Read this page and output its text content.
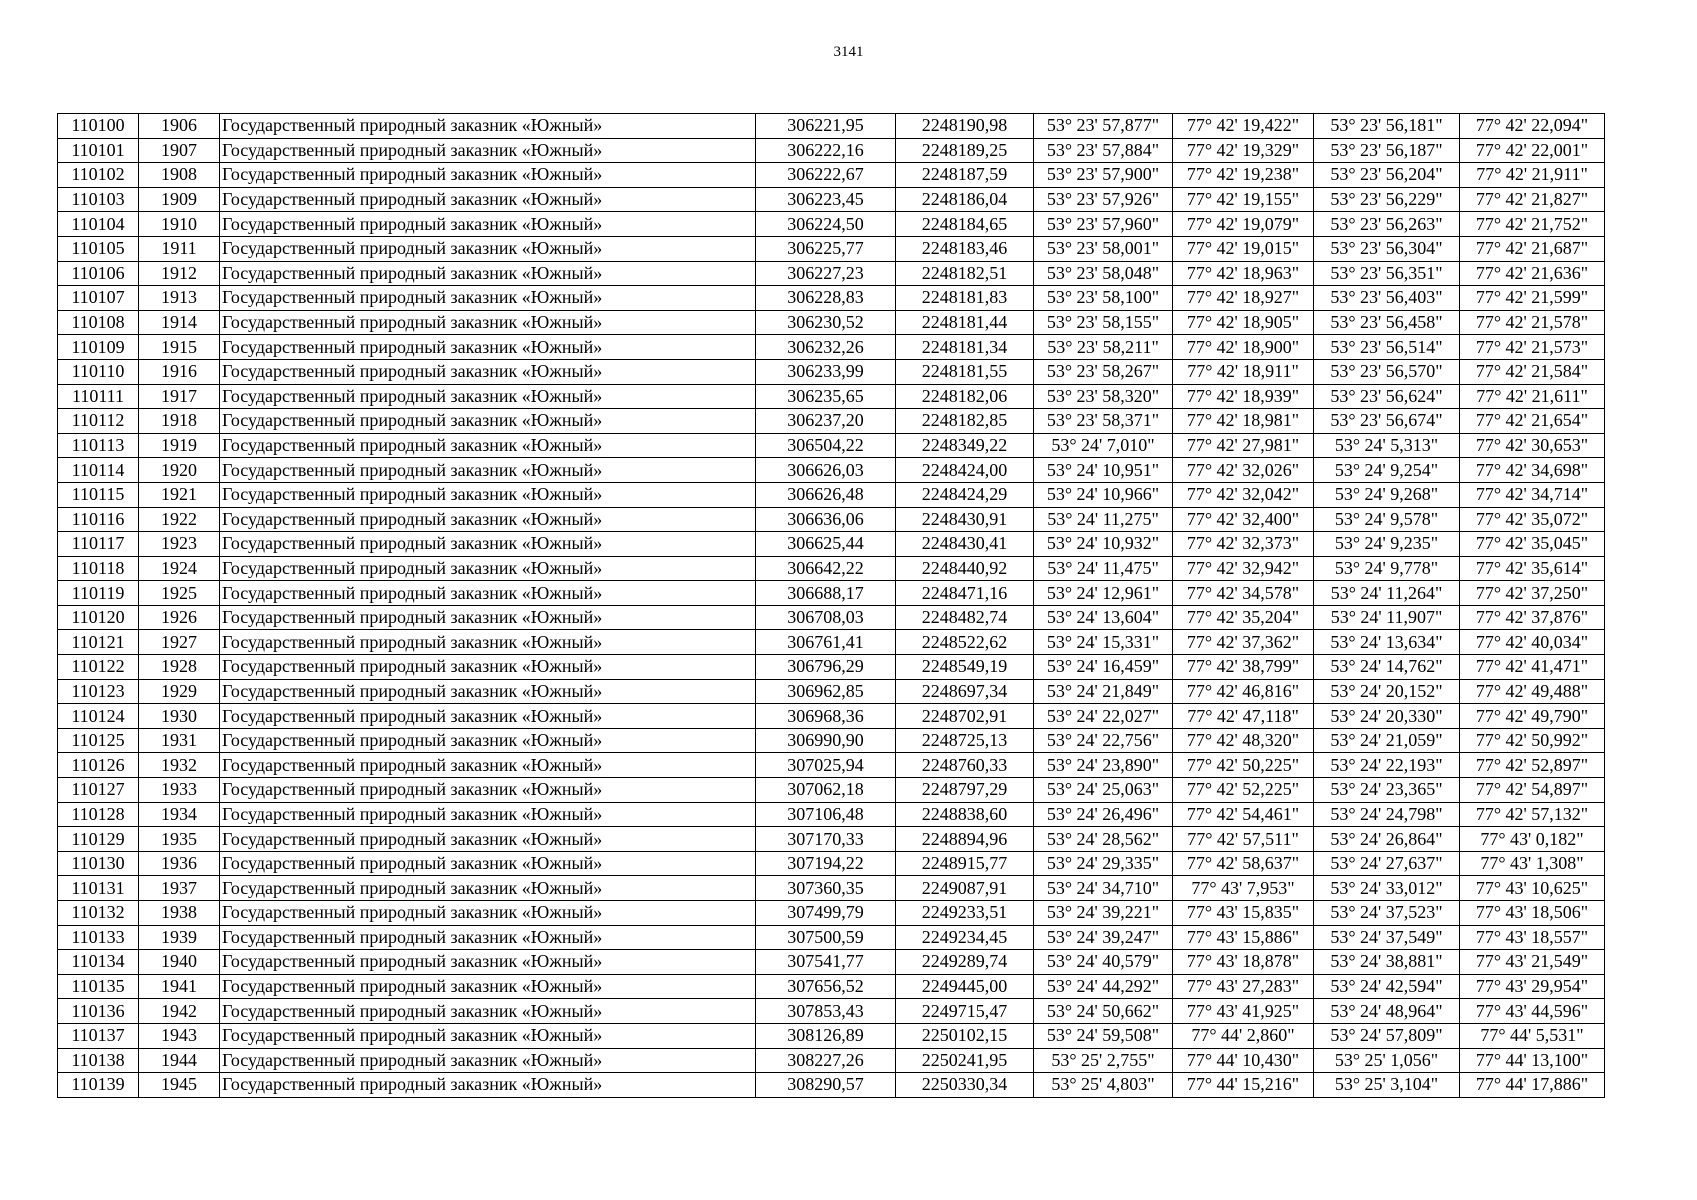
3141
110100	1906	Государственный природный заказник «Южный»	306221,95	2248190,98	53° 23' 57,877"	77° 42' 19,422"	53° 23' 56,181"	77° 42' 22,094"
110101	1907	Государственный природный заказник «Южный»	306222,16	2248189,25	53° 23' 57,884"	77° 42' 19,329"	53° 23' 56,187"	77° 42' 22,001"
110102	1908	Государственный природный заказник «Южный»	306222,67	2248187,59	53° 23' 57,900"	77° 42' 19,238"	53° 23' 56,204"	77° 42' 21,911"
110103	1909	Государственный природный заказник «Южный»	306223,45	2248186,04	53° 23' 57,926"	77° 42' 19,155"	53° 23' 56,229"	77° 42' 21,827"
110104	1910	Государственный природный заказник «Южный»	306224,50	2248184,65	53° 23' 57,960"	77° 42' 19,079"	53° 23' 56,263"	77° 42' 21,752"
110105	1911	Государственный природный заказник «Южный»	306225,77	2248183,46	53° 23' 58,001"	77° 42' 19,015"	53° 23' 56,304"	77° 42' 21,687"
110106	1912	Государственный природный заказник «Южный»	306227,23	2248182,51	53° 23' 58,048"	77° 42' 18,963"	53° 23' 56,351"	77° 42' 21,636"
110107	1913	Государственный природный заказник «Южный»	306228,83	2248181,83	53° 23' 58,100"	77° 42' 18,927"	53° 23' 56,403"	77° 42' 21,599"
110108	1914	Государственный природный заказник «Южный»	306230,52	2248181,44	53° 23' 58,155"	77° 42' 18,905"	53° 23' 56,458"	77° 42' 21,578"
110109	1915	Государственный природный заказник «Южный»	306232,26	2248181,34	53° 23' 58,211"	77° 42' 18,900"	53° 23' 56,514"	77° 42' 21,573"
110110	1916	Государственный природный заказник «Южный»	306233,99	2248181,55	53° 23' 58,267"	77° 42' 18,911"	53° 23' 56,570"	77° 42' 21,584"
110111	1917	Государственный природный заказник «Южный»	306235,65	2248182,06	53° 23' 58,320"	77° 42' 18,939"	53° 23' 56,624"	77° 42' 21,611"
110112	1918	Государственный природный заказник «Южный»	306237,20	2248182,85	53° 23' 58,371"	77° 42' 18,981"	53° 23' 56,674"	77° 42' 21,654"
110113	1919	Государственный природный заказник «Южный»	306504,22	2248349,22	53° 24' 7,010"	77° 42' 27,981"	53° 24' 5,313"	77° 42' 30,653"
110114	1920	Государственный природный заказник «Южный»	306626,03	2248424,00	53° 24' 10,951"	77° 42' 32,026"	53° 24' 9,254"	77° 42' 34,698"
110115	1921	Государственный природный заказник «Южный»	306626,48	2248424,29	53° 24' 10,966"	77° 42' 32,042"	53° 24' 9,268"	77° 42' 34,714"
110116	1922	Государственный природный заказник «Южный»	306636,06	2248430,91	53° 24' 11,275"	77° 42' 32,400"	53° 24' 9,578"	77° 42' 35,072"
110117	1923	Государственный природный заказник «Южный»	306625,44	2248430,41	53° 24' 10,932"	77° 42' 32,373"	53° 24' 9,235"	77° 42' 35,045"
110118	1924	Государственный природный заказник «Южный»	306642,22	2248440,92	53° 24' 11,475"	77° 42' 32,942"	53° 24' 9,778"	77° 42' 35,614"
110119	1925	Государственный природный заказник «Южный»	306688,17	2248471,16	53° 24' 12,961"	77° 42' 34,578"	53° 24' 11,264"	77° 42' 37,250"
110120	1926	Государственный природный заказник «Южный»	306708,03	2248482,74	53° 24' 13,604"	77° 42' 35,204"	53° 24' 11,907"	77° 42' 37,876"
110121	1927	Государственный природный заказник «Южный»	306761,41	2248522,62	53° 24' 15,331"	77° 42' 37,362"	53° 24' 13,634"	77° 42' 40,034"
110122	1928	Государственный природный заказник «Южный»	306796,29	2248549,19	53° 24' 16,459"	77° 42' 38,799"	53° 24' 14,762"	77° 42' 41,471"
110123	1929	Государственный природный заказник «Южный»	306962,85	2248697,34	53° 24' 21,849"	77° 42' 46,816"	53° 24' 20,152"	77° 42' 49,488"
110124	1930	Государственный природный заказник «Южный»	306968,36	2248702,91	53° 24' 22,027"	77° 42' 47,118"	53° 24' 20,330"	77° 42' 49,790"
110125	1931	Государственный природный заказник «Южный»	306990,90	2248725,13	53° 24' 22,756"	77° 42' 48,320"	53° 24' 21,059"	77° 42' 50,992"
110126	1932	Государственный природный заказник «Южный»	307025,94	2248760,33	53° 24' 23,890"	77° 42' 50,225"	53° 24' 22,193"	77° 42' 52,897"
110127	1933	Государственный природный заказник «Южный»	307062,18	2248797,29	53° 24' 25,063"	77° 42' 52,225"	53° 24' 23,365"	77° 42' 54,897"
110128	1934	Государственный природный заказник «Южный»	307106,48	2248838,60	53° 24' 26,496"	77° 42' 54,461"	53° 24' 24,798"	77° 42' 57,132"
110129	1935	Государственный природный заказник «Южный»	307170,33	2248894,96	53° 24' 28,562"	77° 42' 57,511"	53° 24' 26,864"	77° 43' 0,182"
110130	1936	Государственный природный заказник «Южный»	307194,22	2248915,77	53° 24' 29,335"	77° 42' 58,637"	53° 24' 27,637"	77° 43' 1,308"
110131	1937	Государственный природный заказник «Южный»	307360,35	2249087,91	53° 24' 34,710"	77° 43' 7,953"	53° 24' 33,012"	77° 43' 10,625"
110132	1938	Государственный природный заказник «Южный»	307499,79	2249233,51	53° 24' 39,221"	77° 43' 15,835"	53° 24' 37,523"	77° 43' 18,506"
110133	1939	Государственный природный заказник «Южный»	307500,59	2249234,45	53° 24' 39,247"	77° 43' 15,886"	53° 24' 37,549"	77° 43' 18,557"
110134	1940	Государственный природный заказник «Южный»	307541,77	2249289,74	53° 24' 40,579"	77° 43' 18,878"	53° 24' 38,881"	77° 43' 21,549"
110135	1941	Государственный природный заказник «Южный»	307656,52	2249445,00	53° 24' 44,292"	77° 43' 27,283"	53° 24' 42,594"	77° 43' 29,954"
110136	1942	Государственный природный заказник «Южный»	307853,43	2249715,47	53° 24' 50,662"	77° 43' 41,925"	53° 24' 48,964"	77° 43' 44,596"
110137	1943	Государственный природный заказник «Южный»	308126,89	2250102,15	53° 24' 59,508"	77° 44' 2,860"	53° 24' 57,809"	77° 44' 5,531"
110138	1944	Государственный природный заказник «Южный»	308227,26	2250241,95	53° 25' 2,755"	77° 44' 10,430"	53° 25' 1,056"	77° 44' 13,100"
110139	1945	Государственный природный заказник «Южный»	308290,57	2250330,34	53° 25' 4,803"	77° 44' 15,216"	53° 25' 3,104"	77° 44' 17,886"
